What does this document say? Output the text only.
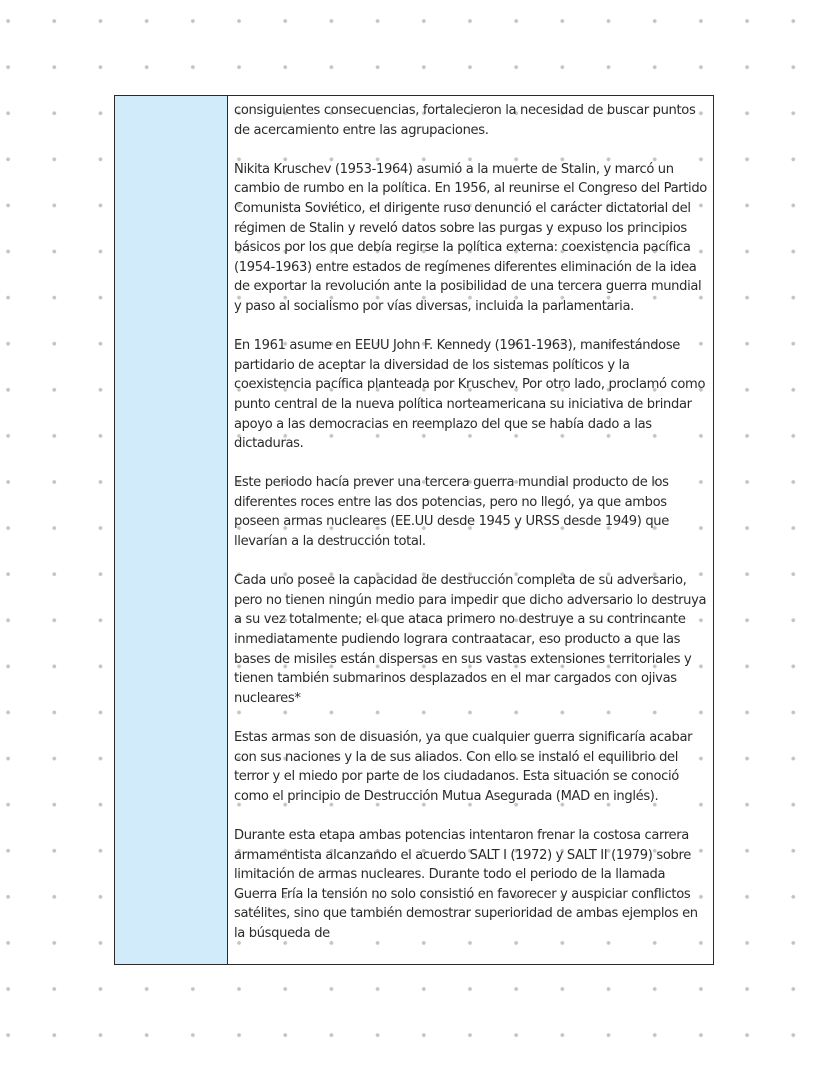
consiguientes consecuencias, fortalecieron la necesidad de buscar puntos de acercamiento entre las agrupaciones.

Nikita Kruschev (1953-1964) asumió a la muerte de Stalin, y marcó un cambio de rumbo en la política. En 1956, al reunirse el Congreso del Partido Comunista Soviético, el dirigente ruso denunció el carácter dictatorial del régimen de Stalin y reveló datos sobre las purgas y expuso los principios básicos por los que debía regirse la política externa: coexistencia pacífica (1954-1963) entre estados de regímenes diferentes eliminación de la idea de exportar la revolución ante la posibilidad de una tercera guerra mundial y paso al socialismo por vías diversas, incluida la parlamentaria.

En 1961 asume en EEUU John F. Kennedy (1961-1963), manifestándose partidario de aceptar la diversidad de los sistemas políticos y la coexistencia pacífica planteada por Kruschev. Por otro lado, proclamó como punto central de la nueva política norteamericana su iniciativa de brindar apoyo a las democracias en reemplazo del que se había dado a las dictaduras.

Este periodo hacía prever una tercera guerra mundial producto de los diferentes roces entre las dos potencias, pero no llegó, ya que ambos poseen armas nucleares (EE.UU desde 1945 y URSS desde 1949) que llevarían a la destrucción total.

Cada uno posee la capacidad de destrucción completa de su adversario, pero no tienen ningún medio para impedir que dicho adversario lo destruya a su vez totalmente; el que ataca primero no destruye a su contrincante inmediatamente pudiendo lograra contraatacar, eso producto a que las bases de misiles están dispersas en sus vastas extensiones territoriales y tienen también submarinos desplazados en el mar cargados con ojivas nucleares*

Estas armas son de disuasión, ya que cualquier guerra significaría acabar con sus naciones y la de sus aliados. Con ello se instaló el equilibrio del terror y el miedo por parte de los ciudadanos. Esta situación se conoció como el principio de Destrucción Mutua Asegurada (MAD en inglés).

Durante esta etapa ambas potencias intentaron frenar la costosa carrera armamentista alcanzando el acuerdo SALT I (1972) y SALT II (1979) sobre limitación de armas nucleares. Durante todo el periodo de la llamada Guerra Fría la tensión no solo consistió en favorecer y auspiciar conflictos satélites, sino que también demostrar superioridad de ambas ejemplos en la búsqueda de
